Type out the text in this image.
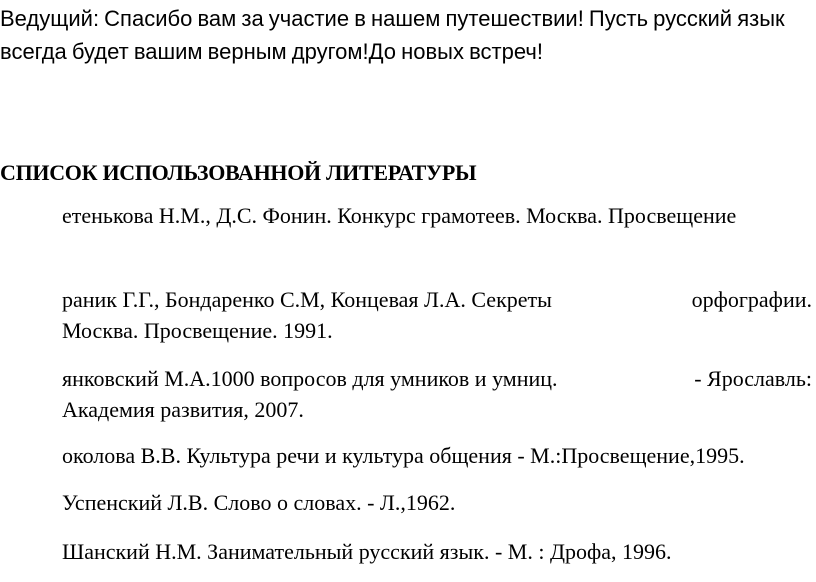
Ведущий: Спасибо вам за участие в нашем путешествии! Пусть русский язык
всегда будет вашим верным другом!До новых встреч!
СПИСОК ИСПОЛЬЗОВАННОЙ ЛИТЕРАТУРЫ
етенькова Н.М., Д.С. Фонин. Конкурс грамотеев. Москва. Просвещение
раник Г.Г., Бондаренко С.М, Концевая Л.А. Секреты	орфографии.
Москва. Просвещение. 1991.
янковский М.А.1000 вопросов для умников и умниц.	- Ярославль:
Академия развития, 2007.
околова В.В. Культура речи и культура общения - М.:Просвещение,1995.
Успенский Л.В. Слово о словах. - Л.,1962.
Шанский Н.М. Занимательный русский язык. - М. : Дрофа, 1996.
